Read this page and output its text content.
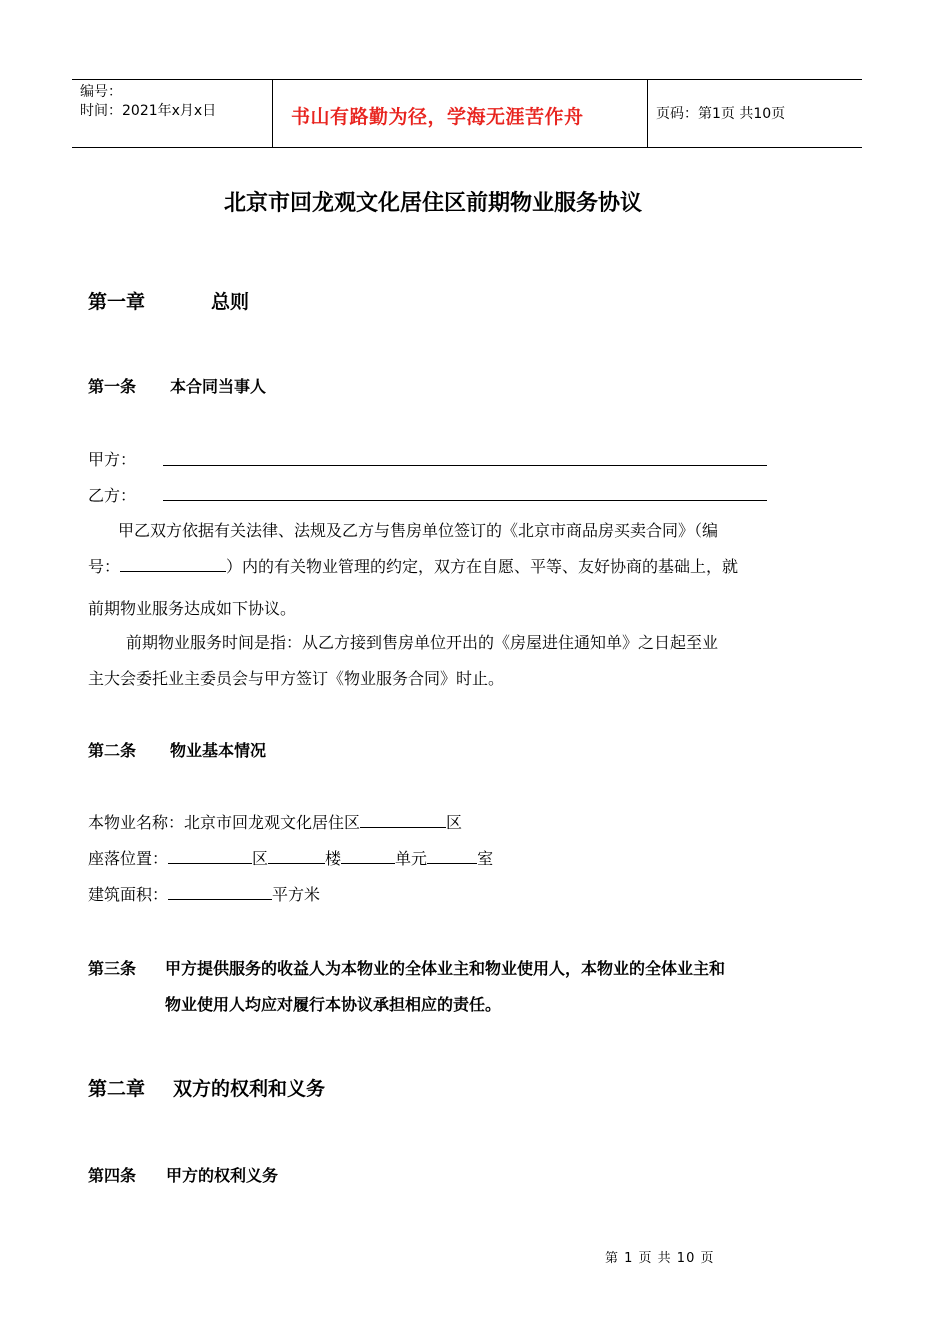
编号：
时间：2021年x月x日	书山有路勤为径，学海无涯苦作舟	页码：第1页 共10页
北京市回龙观文化居住区前期物业服务协议
第一章	总则
第一条 本合同当事人
甲方：
乙方：
甲乙双方依据有关法律、法规及乙方与售房单位签订的《北京市商品房买卖合同》（编
号：	）内的有关物业管理的约定，双方在自愿、平等、友好协商的基础上，就
前期物业服务达成如下协议。
前期物业服务时间是指：从乙方接到售房单位开出的《房屋进住通知单》之日起至业
主大会委托业主委员会与甲方签订《物业服务合同》时止。
第二条 物业基本情况
本物业名称：北京市回龙观文化居住区	区
座落位置：	区	楼	单元	室
建筑面积：	平方米
第三条 甲方提供服务的收益人为本物业的全体业主和物业使用人，本物业的全体业主和
物业使用人均应对履行本协议承担相应的责任。
第二章 双方的权利和义务
第四条 甲方的权利义务
第 1 页 共 10 页
